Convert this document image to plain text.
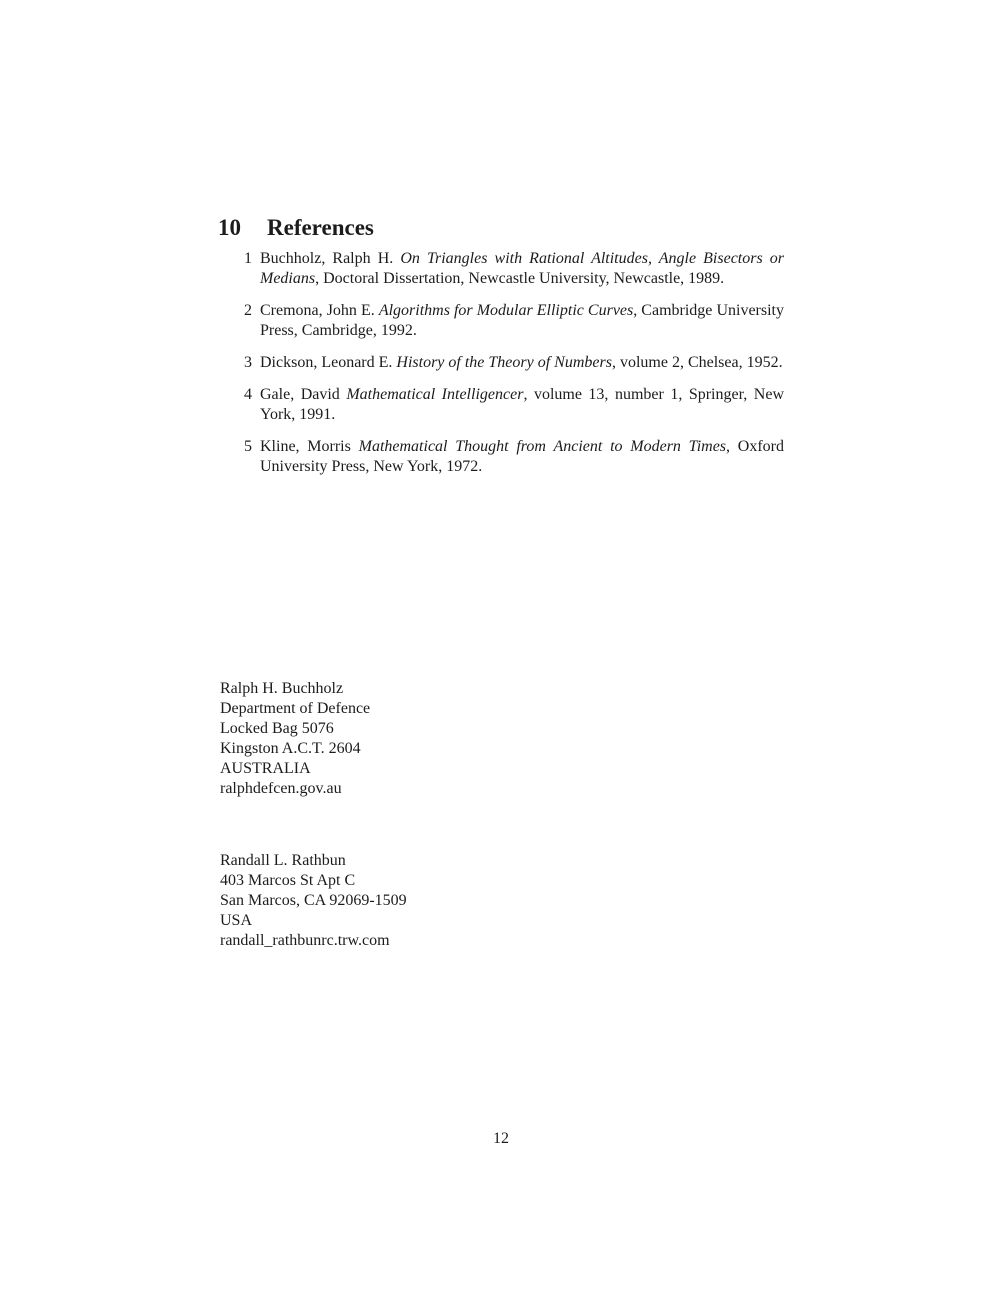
10 References
1 Buchholz, Ralph H. On Triangles with Rational Altitudes, Angle Bisectors or Medians, Doctoral Dissertation, Newcastle University, Newcastle, 1989.
2 Cremona, John E. Algorithms for Modular Elliptic Curves, Cambridge University Press, Cambridge, 1992.
3 Dickson, Leonard E. History of the Theory of Numbers, volume 2, Chelsea, 1952.
4 Gale, David Mathematical Intelligencer, volume 13, number 1, Springer, New York, 1991.
5 Kline, Morris Mathematical Thought from Ancient to Modern Times, Oxford University Press, New York, 1972.
Ralph H. Buchholz
Department of Defence
Locked Bag 5076
Kingston A.C.T. 2604
AUSTRALIA
ralphdefcen.gov.au
Randall L. Rathbun
403 Marcos St Apt C
San Marcos, CA 92069-1509
USA
randall_rathbunrc.trw.com
12
